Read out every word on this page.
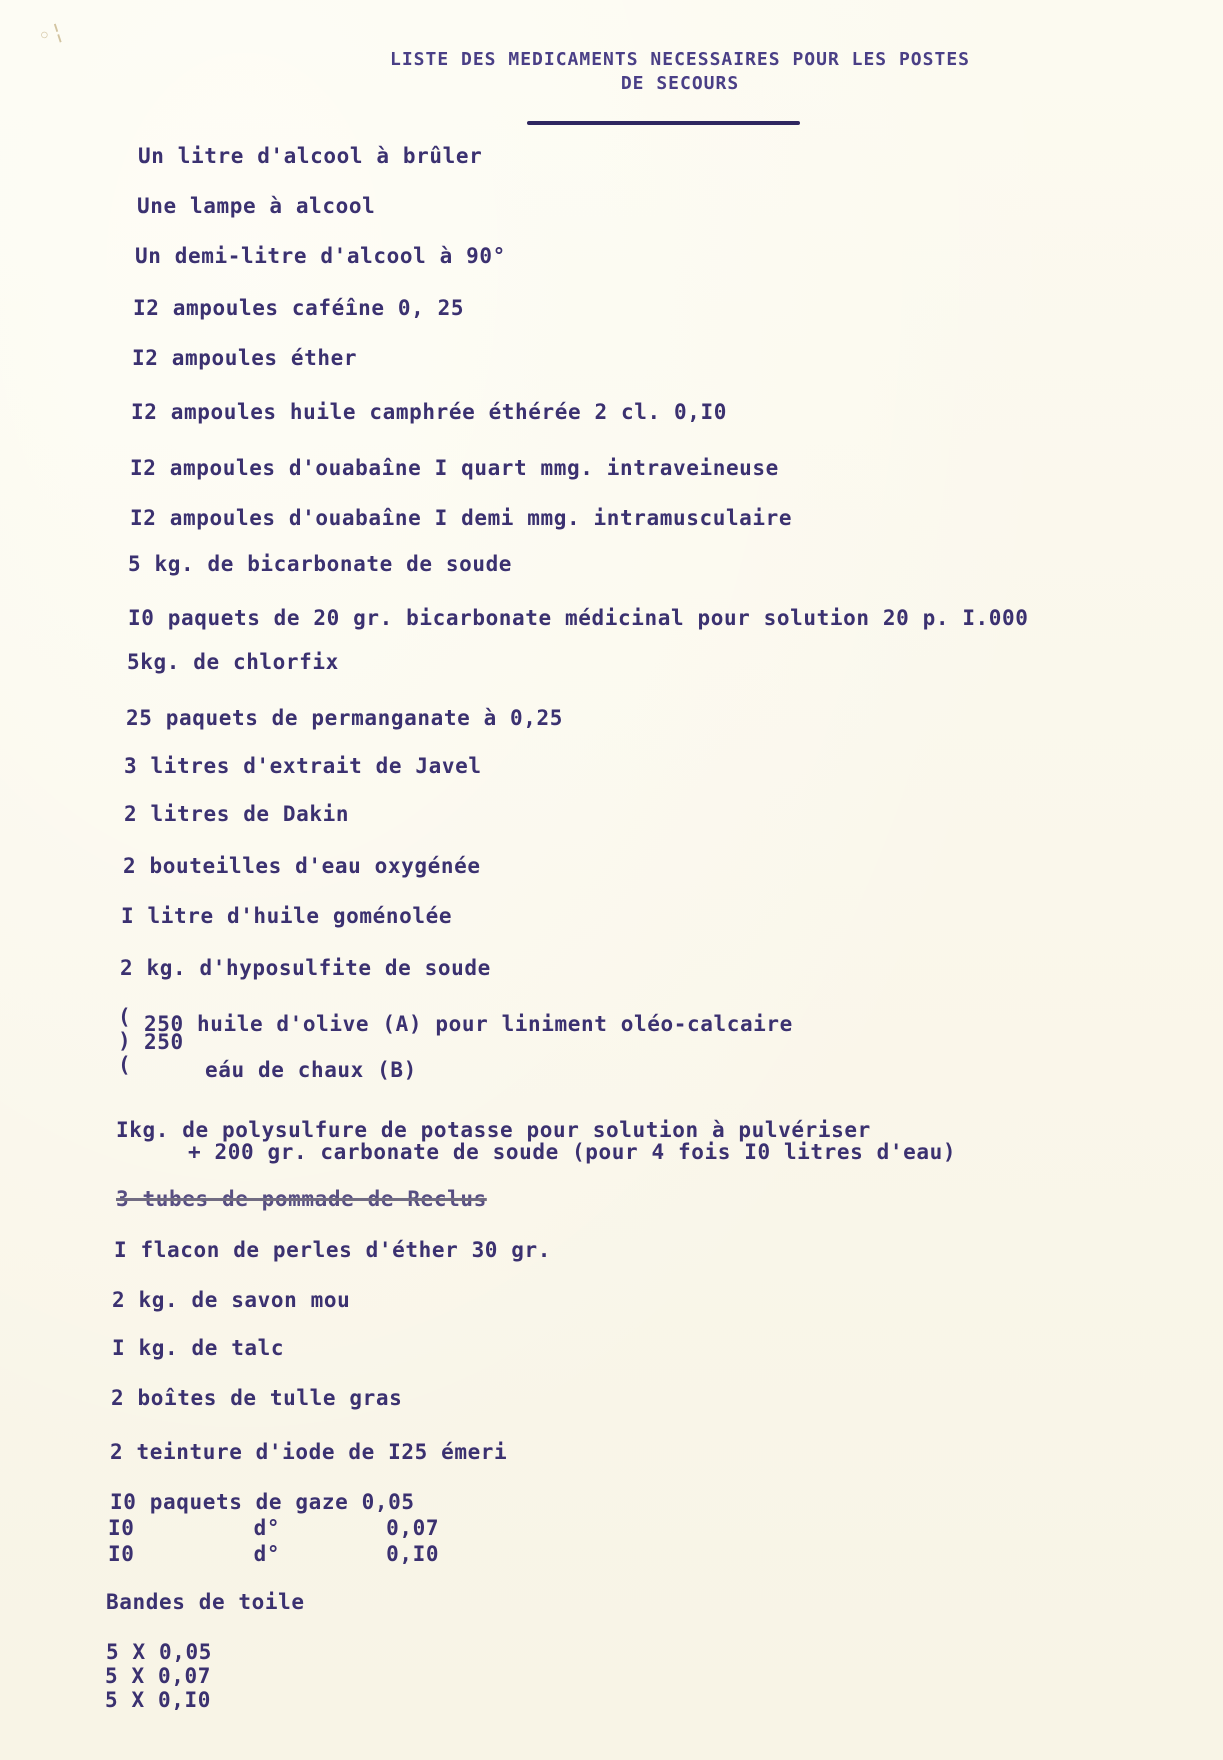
◦¦
LISTE DES MEDICAMENTS NECESSAIRES POUR LES POSTES
DE SECOURS
Un litre d'alcool à brûler
Une lampe à alcool
Un demi-litre d'alcool à 90°
I2 ampoules caféîne 0, 25
I2 ampoules éther
I2 ampoules huile camphrée éthérée 2 cl. 0,I0
I2 ampoules d'ouabaîne I quart mmg. intraveineuse
I2 ampoules d'ouabaîne I demi mmg. intramusculaire
5 kg. de bicarbonate de soude
I0 paquets de 20 gr. bicarbonate médicinal pour solution 20 p. I.000
5kg. de chlorfix
25 paquets de permanganate à 0,25
3 litres d'extrait de Javel
2 litres de Dakin
2 bouteilles d'eau oxygénée
I litre d'huile goménolée
2 kg. d'hyposulfite de soude
(
)
(
250 huile d'olive (A) pour liniment oléo-calcaire
250
eáu de chaux (B)
Ikg. de polysulfure de potasse pour solution à pulvériser
+ 200 gr. carbonate de soude (pour 4 fois I0 litres d'eau)
3 tubes de pommade de Reclus
I flacon de perles d'éther 30 gr.
2 kg. de savon mou
I kg. de talc
2 boîtes de tulle gras
2 teinture d'iode de I25 émeri
I0 paquets de gaze 0,05
I0         d°        0,07
I0         d°        0,I0
Bandes de toile
5 X 0,05
5 X 0,07
5 X 0,I0
